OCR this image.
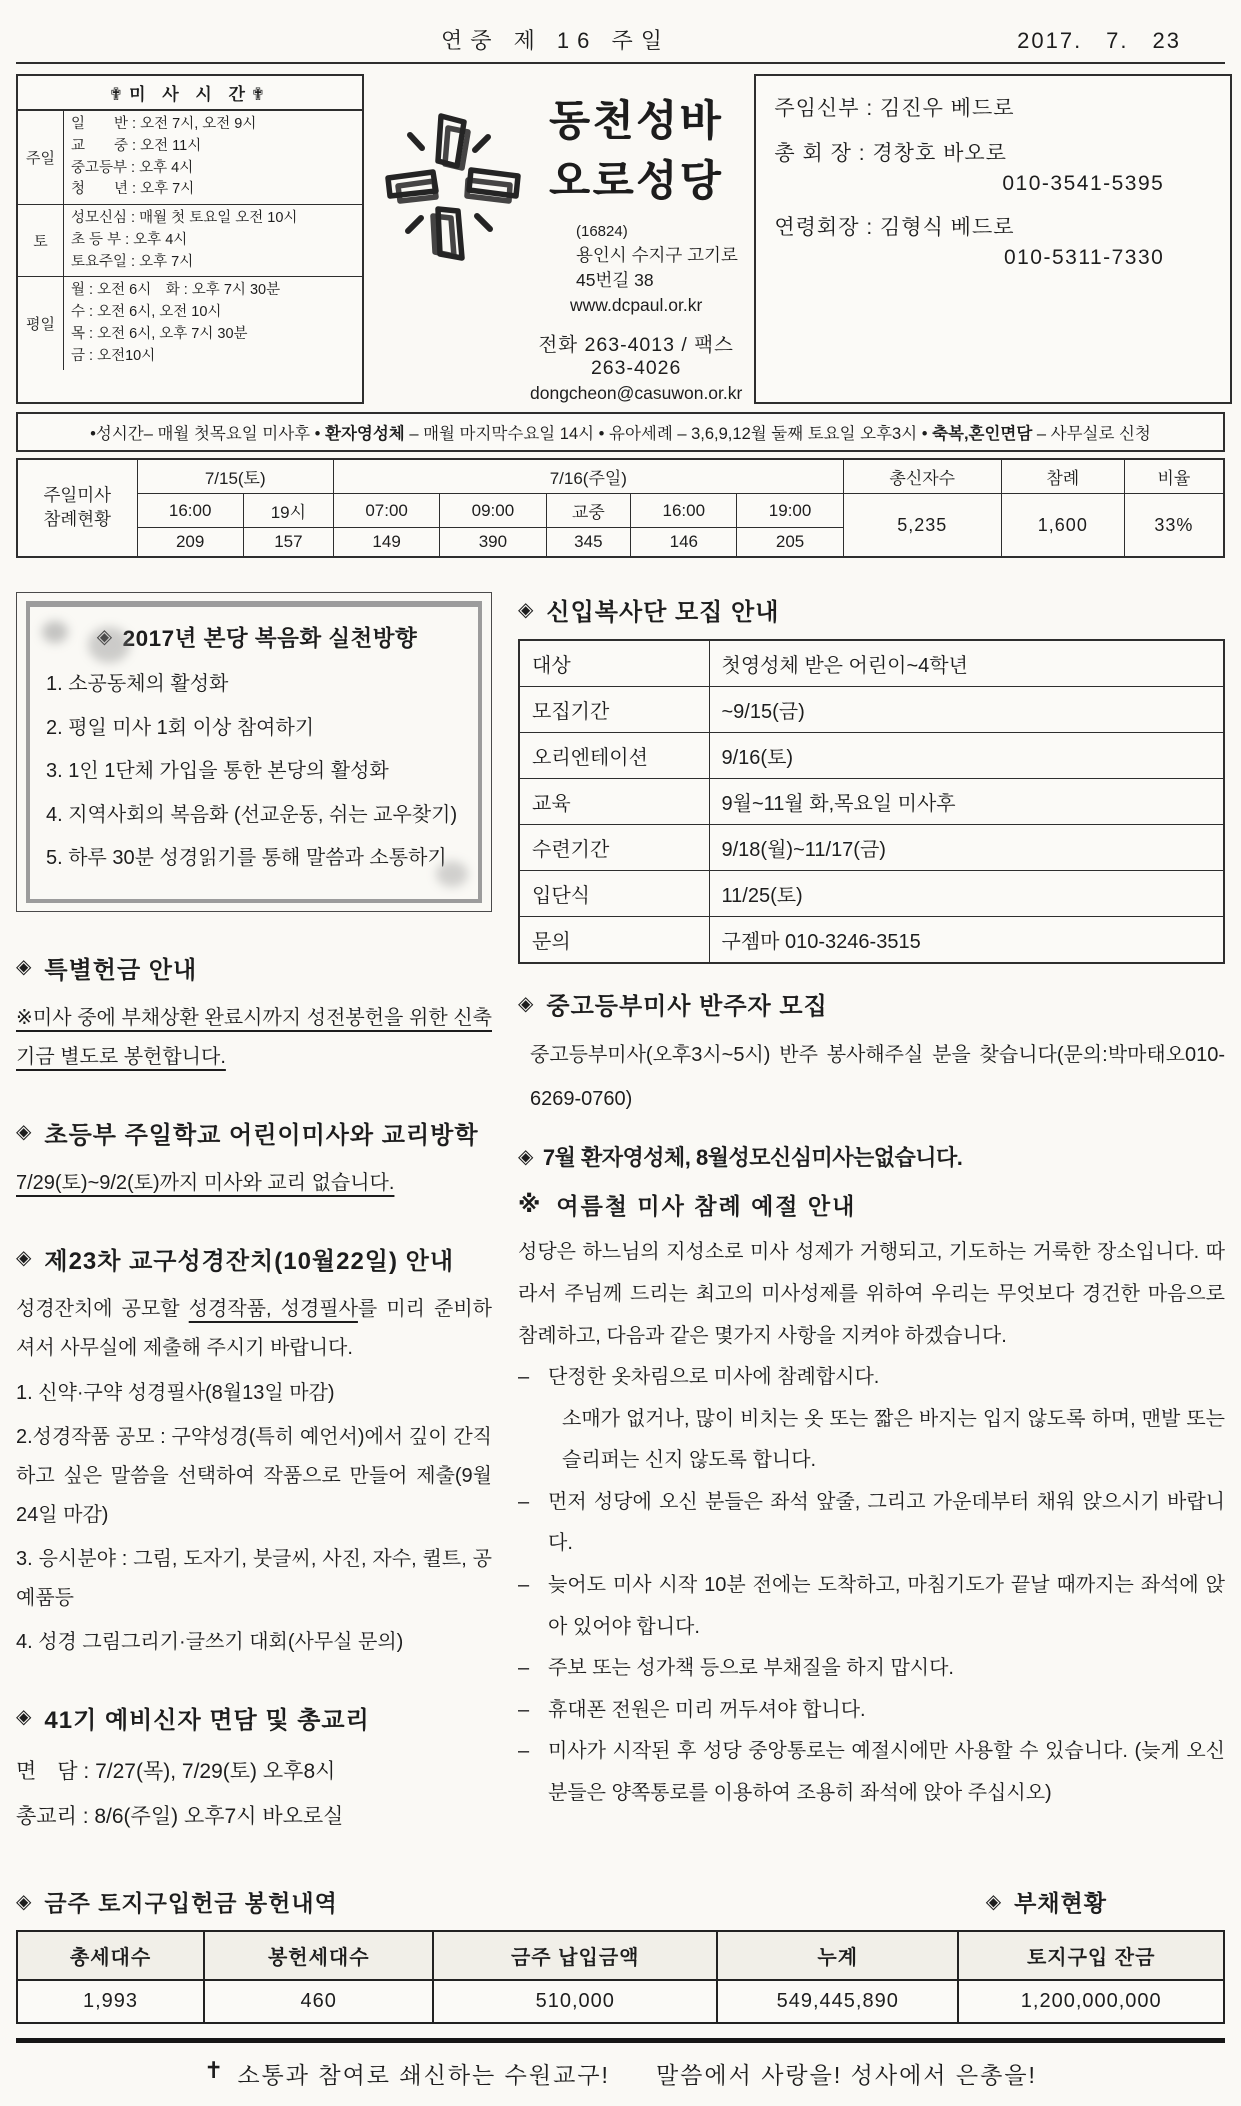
연중 제 16 주일	2017.　7.　23
✟미 사 시 간✟
주일
일　　반 : 오전 7시, 오전 9시
교　　중 : 오전 11시
중고등부 : 오후 4시
청　　년 : 오후 7시
토
성모신심 : 매월 첫 토요일 오전 10시
초 등 부 : 오후 4시
토요주일 : 오후 7시
평일
월 : 오전 6시　화 : 오후 7시 30분
수 : 오전 6시, 오전 10시
목 : 오전 6시, 오후 7시 30분
금 : 오전10시
동천성바오로성당
(16824)
용인시 수지구 고기로 45번길 38
www.dcpaul.or.kr
전화 263-4013 / 팩스 263-4026
dongcheon@casuwon.or.kr
주임신부 : 김진우 베드로
총 회 장 : 경창호 바오로
010-3541-5395
연령회장 : 김형식 베드로
010-5311-7330
•성시간– 매월 첫목요일 미사후 • 환자영성체 – 매월 마지막수요일 14시 • 유아세례 – 3,6,9,12월 둘째 토요일 오후3시 • 축복,혼인면담 – 사무실로 신청
주일미사 참례현황	7/15(토)		7/16(주일)					총신자수	참례	비율
	16:00	19시	07:00	09:00	교중	16:00	19:00	5,235	1,600	33%
	209	157	149	390	345	146	205			
◈ 2017년 본당 복음화 실천방향

1. 소공동체의 활성화

2. 평일 미사 1회 이상 참여하기

3. 1인 1단체 가입을 통한 본당의 활성화

4. 지역사회의 복음화 (선교운동, 쉬는 교우찾기)

5. 하루 30분 성경읽기를 통해 말씀과 소통하기

◈ 특별헌금 안내
※미사 중에 부채상환 완료시까지 성전봉헌을 위한 신축기금 별도로 봉헌합니다.
◈ 초등부 주일학교 어린이미사와 교리방학
7/29(토)~9/2(토)까지 미사와 교리 없습니다.
◈ 제23차 교구성경잔치(10월22일) 안내
성경잔치에 공모할 성경작품, 성경필사를 미리 준비하셔서 사무실에 제출해 주시기 바랍니다.

1. 신약·구약 성경필사(8월13일 마감)

2.성경작품 공모 : 구약성경(특히 예언서)에서 깊이 간직하고 싶은 말씀을 선택하여 작품으로 만들어 제출(9월24일 마감)

3. 응시분야 : 그림, 도자기, 붓글씨, 사진, 자수, 퀼트, 공예품등

4. 성경 그림그리기·글쓰기 대회(사무실 문의)

◈ 41기 예비신자 면담 및 총교리
면　담 : 7/27(목), 7/29(토) 오후8시
총교리 : 8/6(주일) 오후7시 바오로실
◈ 신입복사단 모집 안내
대상	첫영성체 받은 어린이~4학년
모집기간	~9/15(금)
오리엔테이션	9/16(토)
교육	9월~11월 화,목요일 미사후
수련기간	9/18(월)~11/17(금)
입단식	11/25(토)
문의	구젬마 010-3246-3515
◈ 중고등부미사 반주자 모집
중고등부미사(오후3시~5시) 반주 봉사해주실 분을 찾습니다(문의:박마태오010-6269-0760)
◈ 7월 환자영성체, 8월성모신심미사는없습니다.
※ 여름철 미사 참례 예절 안내
성당은 하느님의 지성소로 미사 성제가 거행되고, 기도하는 거룩한 장소입니다. 따라서 주님께 드리는 최고의 미사성제를 위하여 우리는 무엇보다 경건한 마음으로 참례하고, 다음과 같은 몇가지 사항을 지켜야 하겠습니다.
– 단정한 옷차림으로 미사에 참례합시다.

소매가 없거나, 많이 비치는 옷 또는 짧은 바지는 입지 않도록 하며, 맨발 또는 슬리퍼는 신지 않도록 합니다.

– 먼저 성당에 오신 분들은 좌석 앞줄, 그리고 가운데부터 채워 앉으시기 바랍니다.
– 늦어도 미사 시작 10분 전에는 도착하고, 마침기도가 끝날 때까지는 좌석에 앉아 있어야 합니다.
– 주보 또는 성가책 등으로 부채질을 하지 맙시다.
– 휴대폰 전원은 미리 꺼두셔야 합니다.
– 미사가 시작된 후 성당 중앙통로는 예절시에만 사용할 수 있습니다. (늦게 오신 분들은 양쪽통로를 이용하여 조용히 좌석에 앉아 주십시오)
◈ 금주 토지구입헌금 봉헌내역	◈ 부채현황
총세대수	봉헌세대수	금주 납입금액	누계	토지구입 잔금
1,993	460	510,000	549,445,890	1,200,000,000
✝ 소통과 참여로 쇄신하는 수원교구! 말씀에서 사랑을! 성사에서 은총을!
